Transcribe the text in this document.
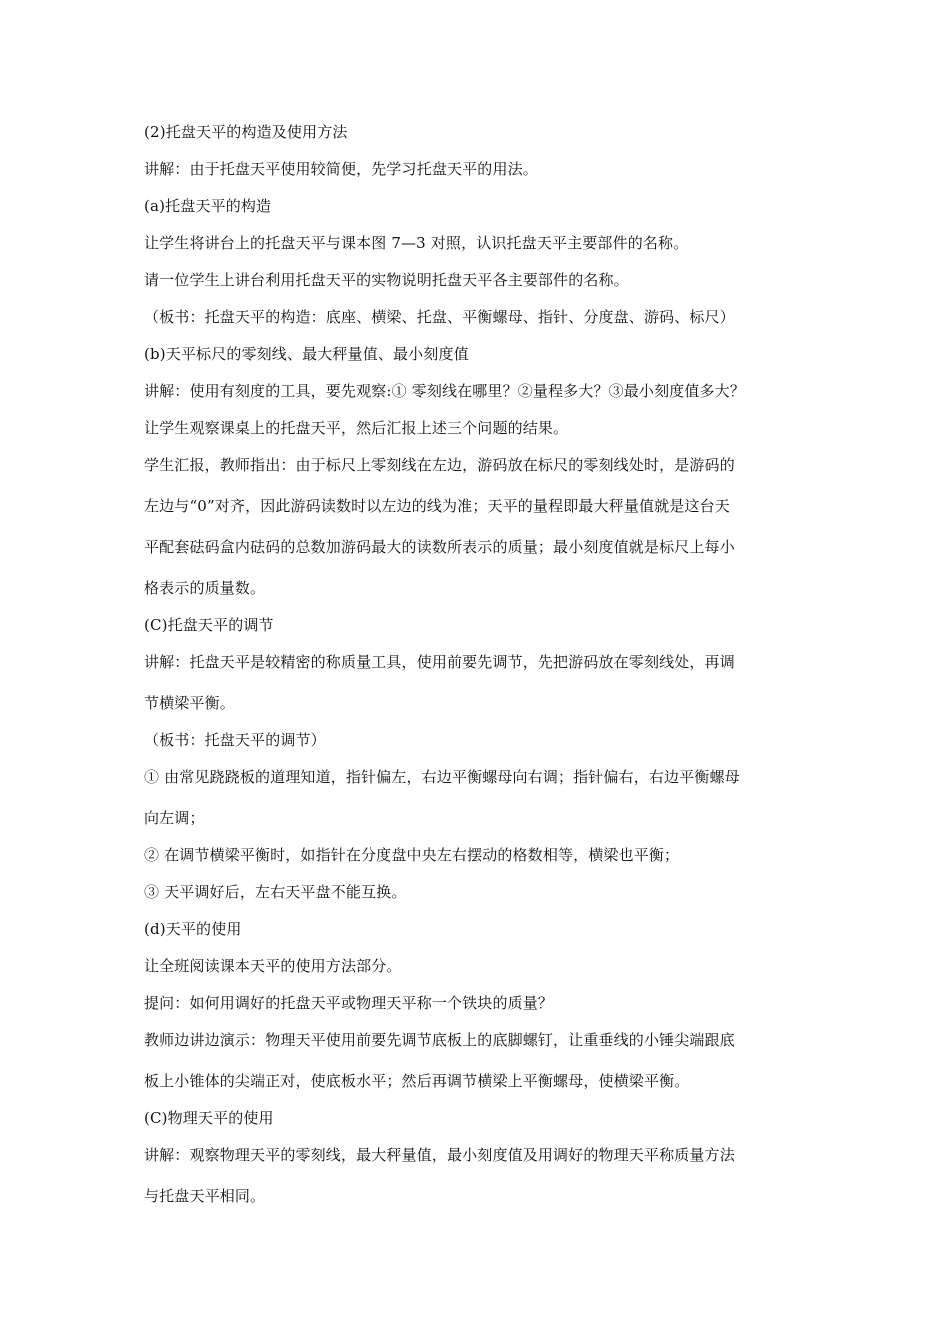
(2)托盘天平的构造及使用方法
讲解：由于托盘天平使用较简便，先学习托盘天平的用法。
(a)托盘天平的构造
让学生将讲台上的托盘天平与课本图 7—3 对照，认识托盘天平主要部件的名称。
请一位学生上讲台利用托盘天平的实物说明托盘天平各主要部件的名称。
（板书：托盘天平的构造：底座、横梁、托盘、平衡螺母、指针、分度盘、游码、标尺）
(b)天平标尺的零刻线、最大秤量值、最小刻度值
讲解：使用有刻度的工具，要先观察:① 零刻线在哪里？②量程多大？③最小刻度值多大？
让学生观察课桌上的托盘天平，然后汇报上述三个问题的结果。
学生汇报，教师指出：由于标尺上零刻线在左边，游码放在标尺的零刻线处时，是游码的
左边与“0”对齐，因此游码读数时以左边的线为准；天平的量程即最大秤量值就是这台天
平配套砝码盒内砝码的总数加游码最大的读数所表示的质量；最小刻度值就是标尺上每小
格表示的质量数。
(C)托盘天平的调节
讲解：托盘天平是较精密的称质量工具，使用前要先调节，先把游码放在零刻线处，再调
节横梁平衡。
（板书：托盘天平的调节）
① 由常见跷跷板的道理知道，指针偏左，右边平衡螺母向右调；指针偏右，右边平衡螺母
向左调；
② 在调节横梁平衡时，如指针在分度盘中央左右摆动的格数相等，横梁也平衡；
③ 天平调好后，左右天平盘不能互换。
(d)天平的使用
让全班阅读课本天平的使用方法部分。
提问：如何用调好的托盘天平或物理天平称一个铁块的质量？
教师边讲边演示：物理天平使用前要先调节底板上的底脚螺钉，让重垂线的小锤尖端跟底
板上小锥体的尖端正对，使底板水平；然后再调节横梁上平衡螺母，使横梁平衡。
(C)物理天平的使用
讲解：观察物理天平的零刻线，最大秤量值，最小刻度值及用调好的物理天平称质量方法
与托盘天平相同。
